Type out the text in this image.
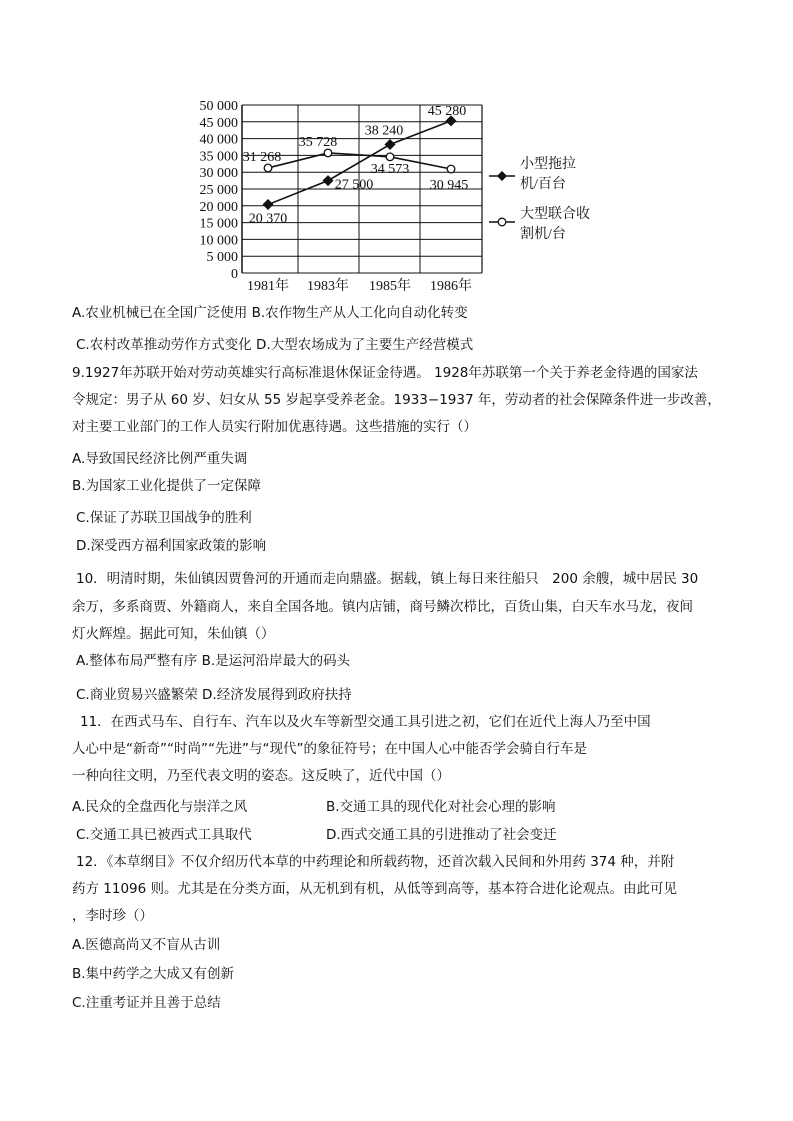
50 000
45 000
40 000
35 000
30 000
25 000
20 000
15 000
10 000
5 000
0
1981年 1983年 1985年 1986年
20 370
27 500
38 240
45 280
31 268
35 728
34 573
30 945
小型拖拉
机/百台
大型联合收
割机/台
A.农业机械已在全国广泛使用 B.农作物生产从人工化向自动化转变
C.农村改革推动劳作方式变化 D.大型农场成为了主要生产经营模式
9.1927年苏联开始对劳动英雄实行高标准退休保证金待遇。 1928年苏联第一个关于养老金待遇的国家法
令规定：男子从 60 岁、妇女从 55 岁起享受养老金。1933−1937 年，劳动者的社会保障条件进一步改善，
对主要工业部门的工作人员实行附加优惠待遇。这些措施的实行（）
A.导致国民经济比例严重失调
B.为国家工业化提供了一定保障
C.保证了苏联卫国战争的胜利
D.深受西方福利国家政策的影响
10．明清时期，朱仙镇因贾鲁河的开通而走向鼎盛。据载，镇上每日来往船只　200 余艘，城中居民 30
余万，多系商贾、外籍商人，来自全国各地。镇内店铺，商号鳞次栉比，百货山集，白天车水马龙，夜间
灯火辉煌。据此可知，朱仙镇（）
A.整体布局严整有序 B.是运河沿岸最大的码头
C.商业贸易兴盛繁荣 D.经济发展得到政府扶持
11．在西式马车、自行车、汽车以及火车等新型交通工具引进之初，它们在近代上海人乃至中国
人心中是“新奇”“时尚”“先进”与“现代”的象征符号；在中国人心中能否学会骑自行车是
一种向往文明，乃至代表文明的姿态。这反映了，近代中国（）
A.民众的全盘西化与崇洋之风	B.交通工具的现代化对社会心理的影响
C.交通工具已被西式工具取代	D.西式交通工具的引进推动了社会变迁
12．《本草纲目》不仅介绍历代本草的中药理论和所载药物，还首次载入民间和外用药 374 种，并附
药方 11096 则。尤其是在分类方面，从无机到有机，从低等到高等，基本符合进化论观点。由此可见
，李时珍（）
A.医德高尚又不盲从古训
B.集中药学之大成又有创新
C.注重考证并且善于总结
